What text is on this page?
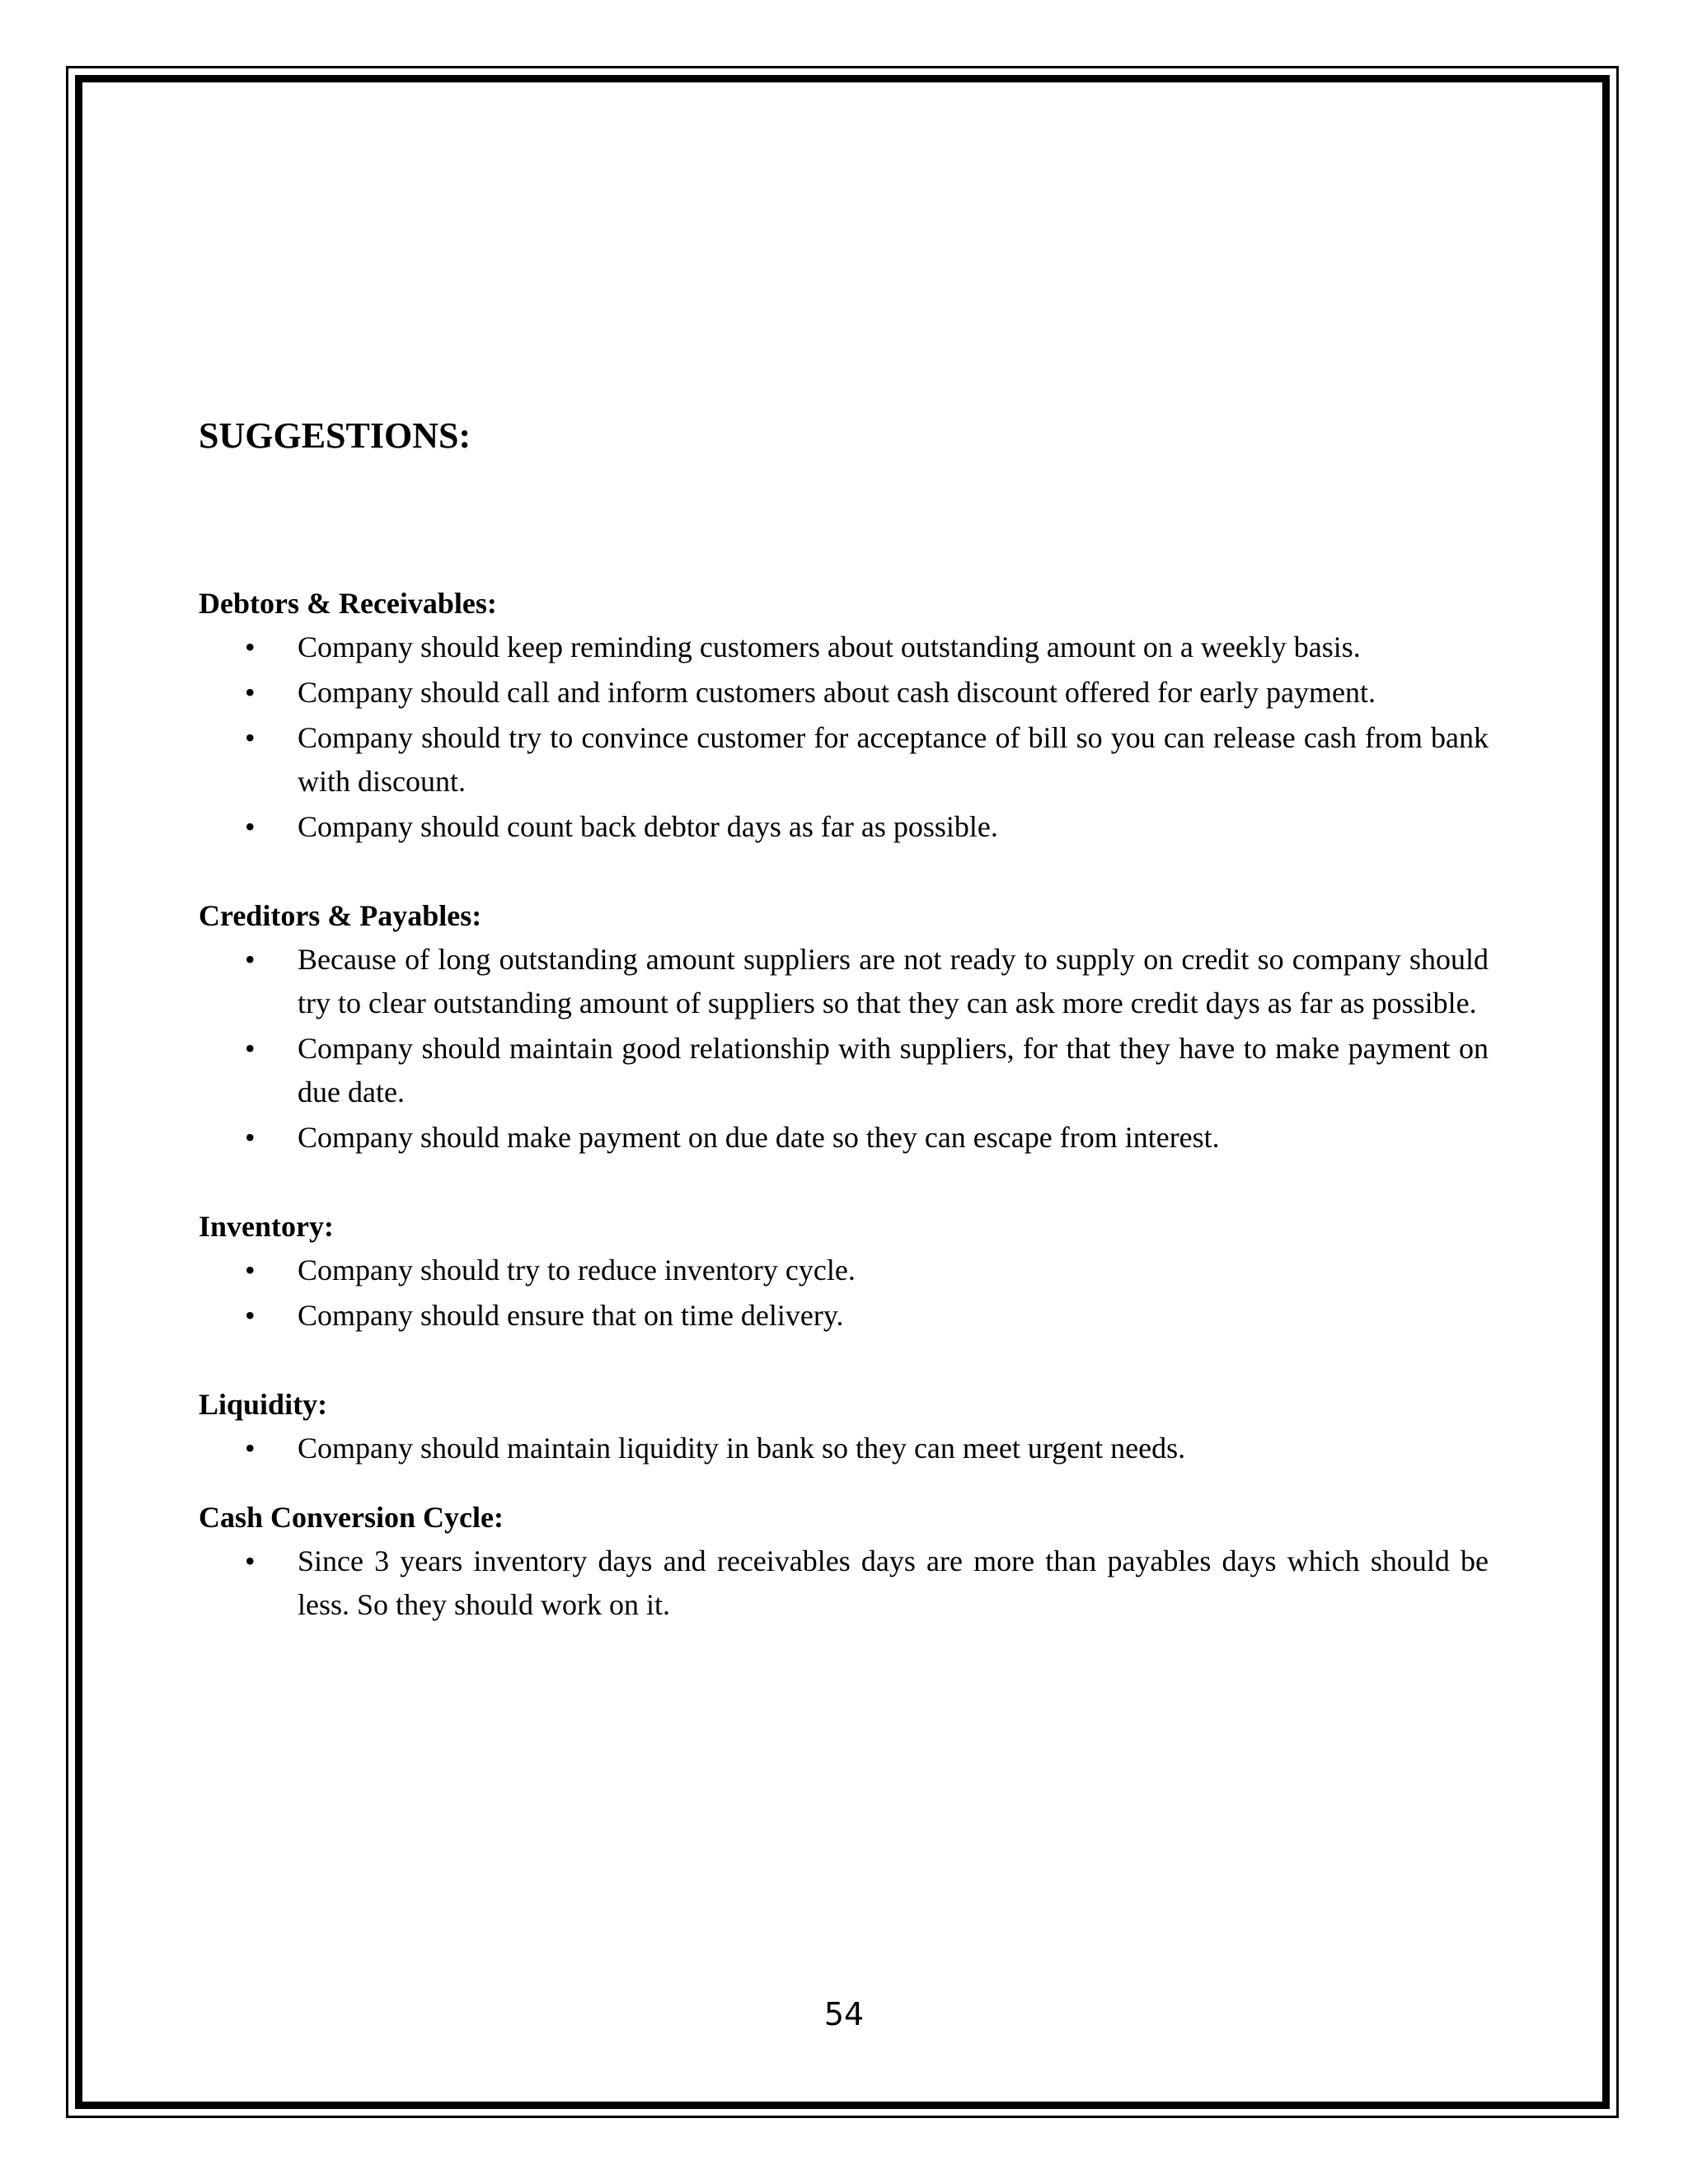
SUGGESTIONS:
Debtors & Receivables:
• Company should keep reminding customers about outstanding amount on a weekly basis.
• Company should call and inform customers about cash discount offered for early payment.
• Company should try to convince customer for acceptance of bill so you can release cash from bank with discount.
• Company should count back debtor days as far as possible.
Creditors & Payables:
• Because of long outstanding amount suppliers are not ready to supply on credit so company should try to clear outstanding amount of suppliers so that they can ask more credit days as far as possible.
• Company should maintain good relationship with suppliers, for that they have to make payment on due date.
• Company should make payment on due date so they can escape from interest.
Inventory:
• Company should try to reduce inventory cycle.
• Company should ensure that on time delivery.
Liquidity:
• Company should maintain liquidity in bank so they can meet urgent needs.
Cash Conversion Cycle:
• Since 3 years inventory days and receivables days are more than payables days which should be less. So they should work on it.
54
